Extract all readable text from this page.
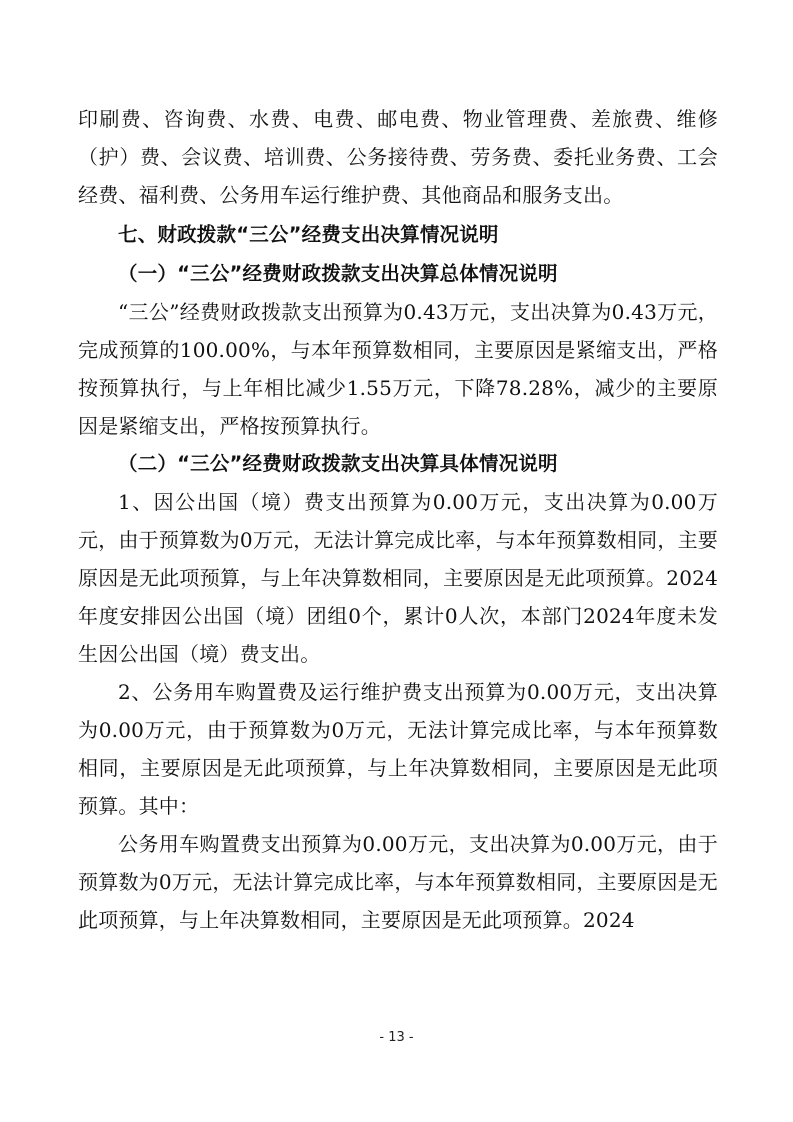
印刷费、咨询费、水费、电费、邮电费、物业管理费、差旅费、维修（护）费、会议费、培训费、公务接待费、劳务费、委托业务费、工会经费、福利费、公务用车运行维护费、其他商品和服务支出。

七、财政拨款“三公”经费支出决算情况说明

（一）“三公”经费财政拨款支出决算总体情况说明

“三公”经费财政拨款支出预算为0.43万元，支出决算为0.43万元，完成预算的100.00%，与本年预算数相同，主要原因是紧缩支出，严格按预算执行，与上年相比减少1.55万元，下降78.28%，减少的主要原因是紧缩支出，严格按预算执行。

（二）“三公”经费财政拨款支出决算具体情况说明

1、因公出国（境）费支出预算为0.00万元，支出决算为0.00万元，由于预算数为0万元，无法计算完成比率，与本年预算数相同，主要原因是无此项预算，与上年决算数相同，主要原因是无此项预算。2024年度安排因公出国（境）团组0个，累计0人次，本部门2024年度未发生因公出国（境）费支出。

2、公务用车购置费及运行维护费支出预算为0.00万元，支出决算为0.00万元，由于预算数为0万元，无法计算完成比率，与本年预算数相同，主要原因是无此项预算，与上年决算数相同，主要原因是无此项预算。其中：

公务用车购置费支出预算为0.00万元，支出决算为0.00万元，由于预算数为0万元，无法计算完成比率，与本年预算数相同，主要原因是无此项预算，与上年决算数相同，主要原因是无此项预算。2024

- 13 -
